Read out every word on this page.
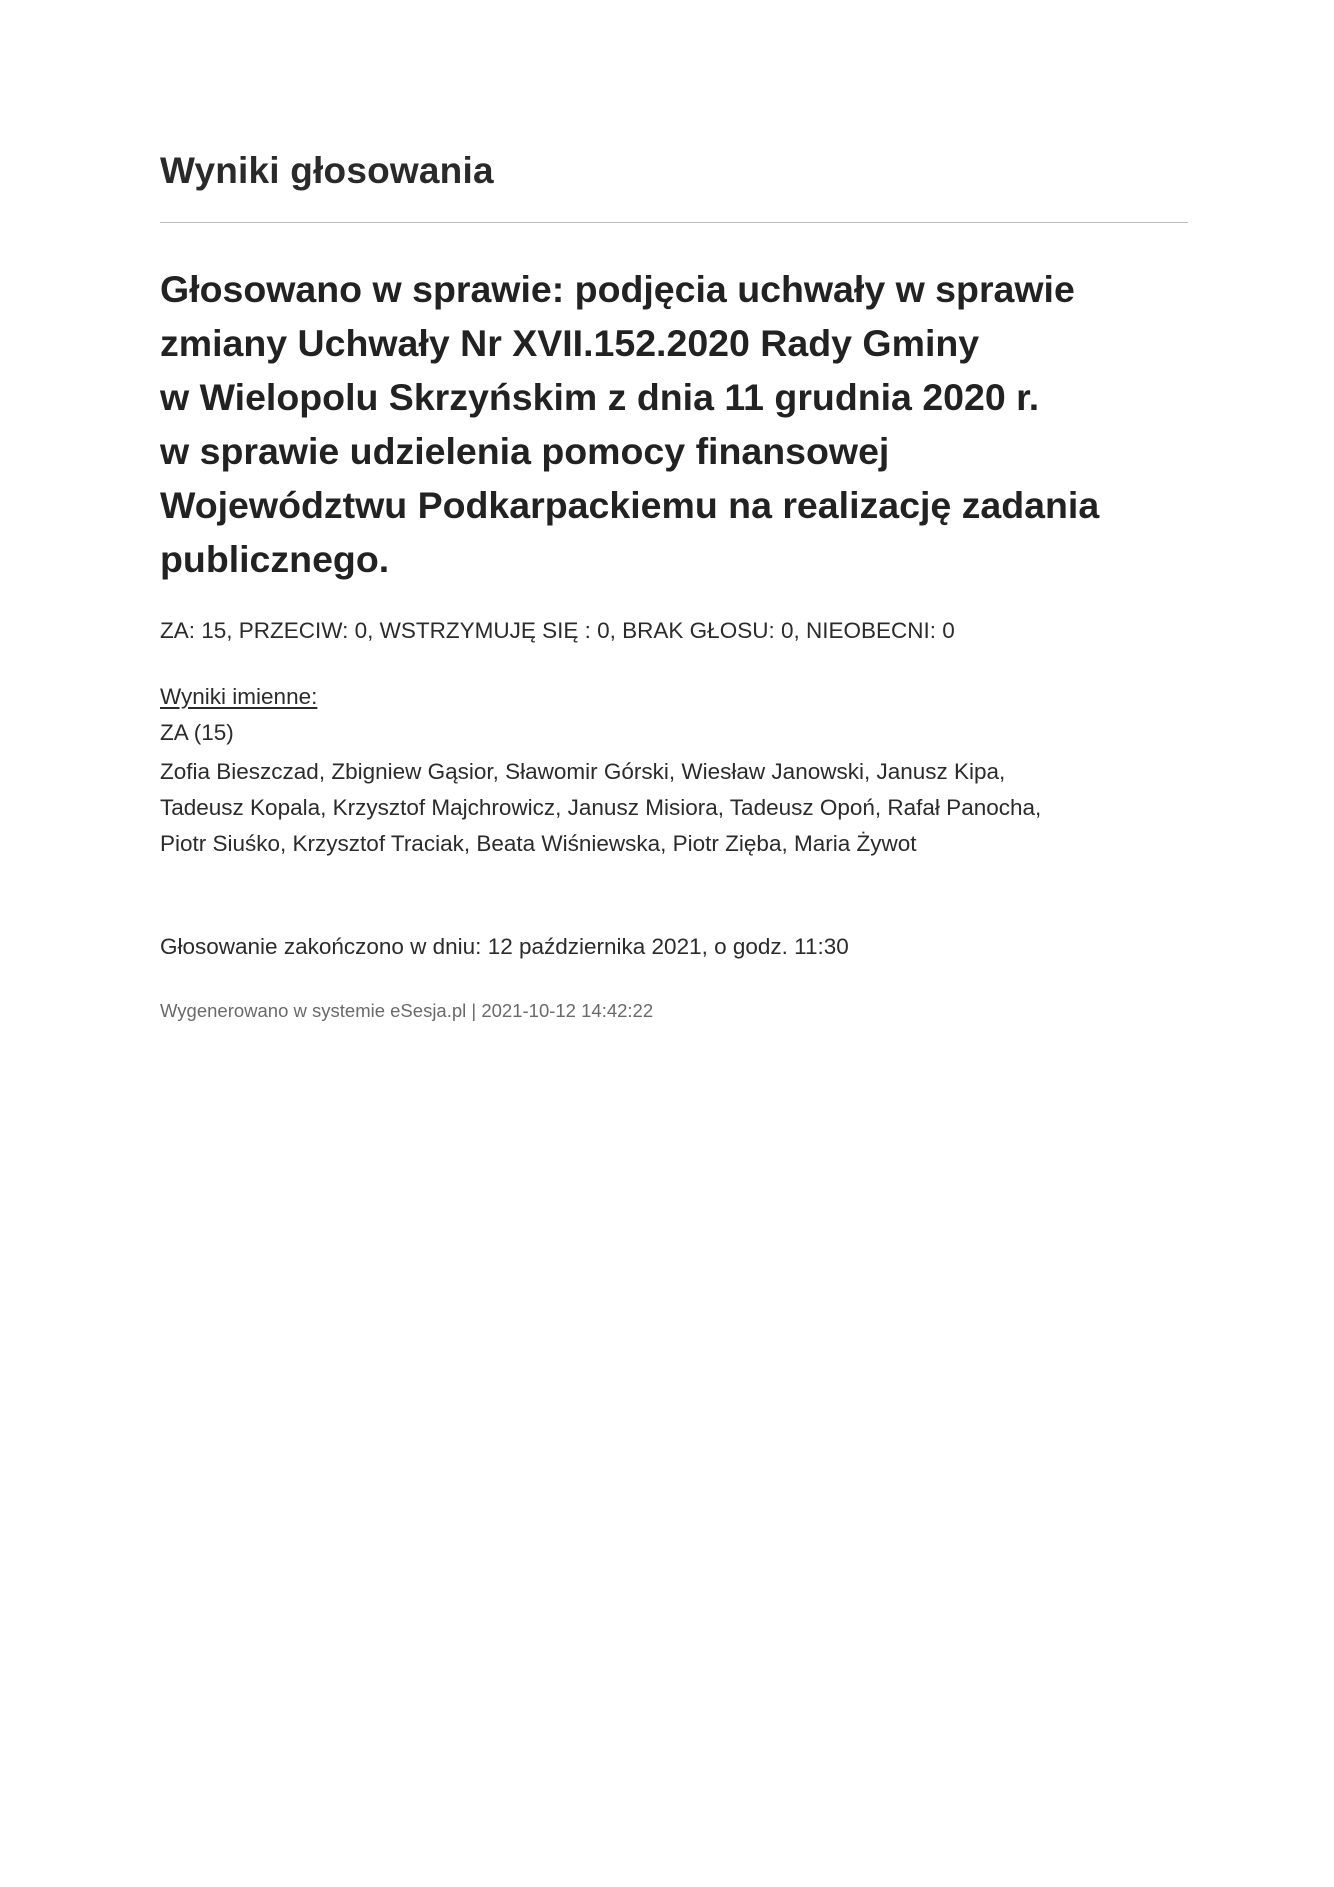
Wyniki głosowania
Głosowano w sprawie: podjęcia uchwały w sprawie
zmiany Uchwały Nr XVII.152.2020 Rady Gminy
w Wielopolu Skrzyńskim z dnia 11 grudnia 2020 r.
w sprawie udzielenia pomocy finansowej
Województwu Podkarpackiemu na realizację zadania
publicznego.
ZA: 15, PRZECIW: 0, WSTRZYMUJĘ SIĘ : 0, BRAK GŁOSU: 0, NIEOBECNI: 0
Wyniki imienne:
ZA (15)
Zofia Bieszczad, Zbigniew Gąsior, Sławomir Górski, Wiesław Janowski, Janusz Kipa,
Tadeusz Kopala, Krzysztof Majchrowicz, Janusz Misiora, Tadeusz Opoń, Rafał Panocha,
Piotr Siuśko, Krzysztof Traciak, Beata Wiśniewska, Piotr Zięba, Maria Żywot
Głosowanie zakończono w dniu: 12 października 2021, o godz. 11:30
Wygenerowano w systemie eSesja.pl | 2021-10-12 14:42:22
